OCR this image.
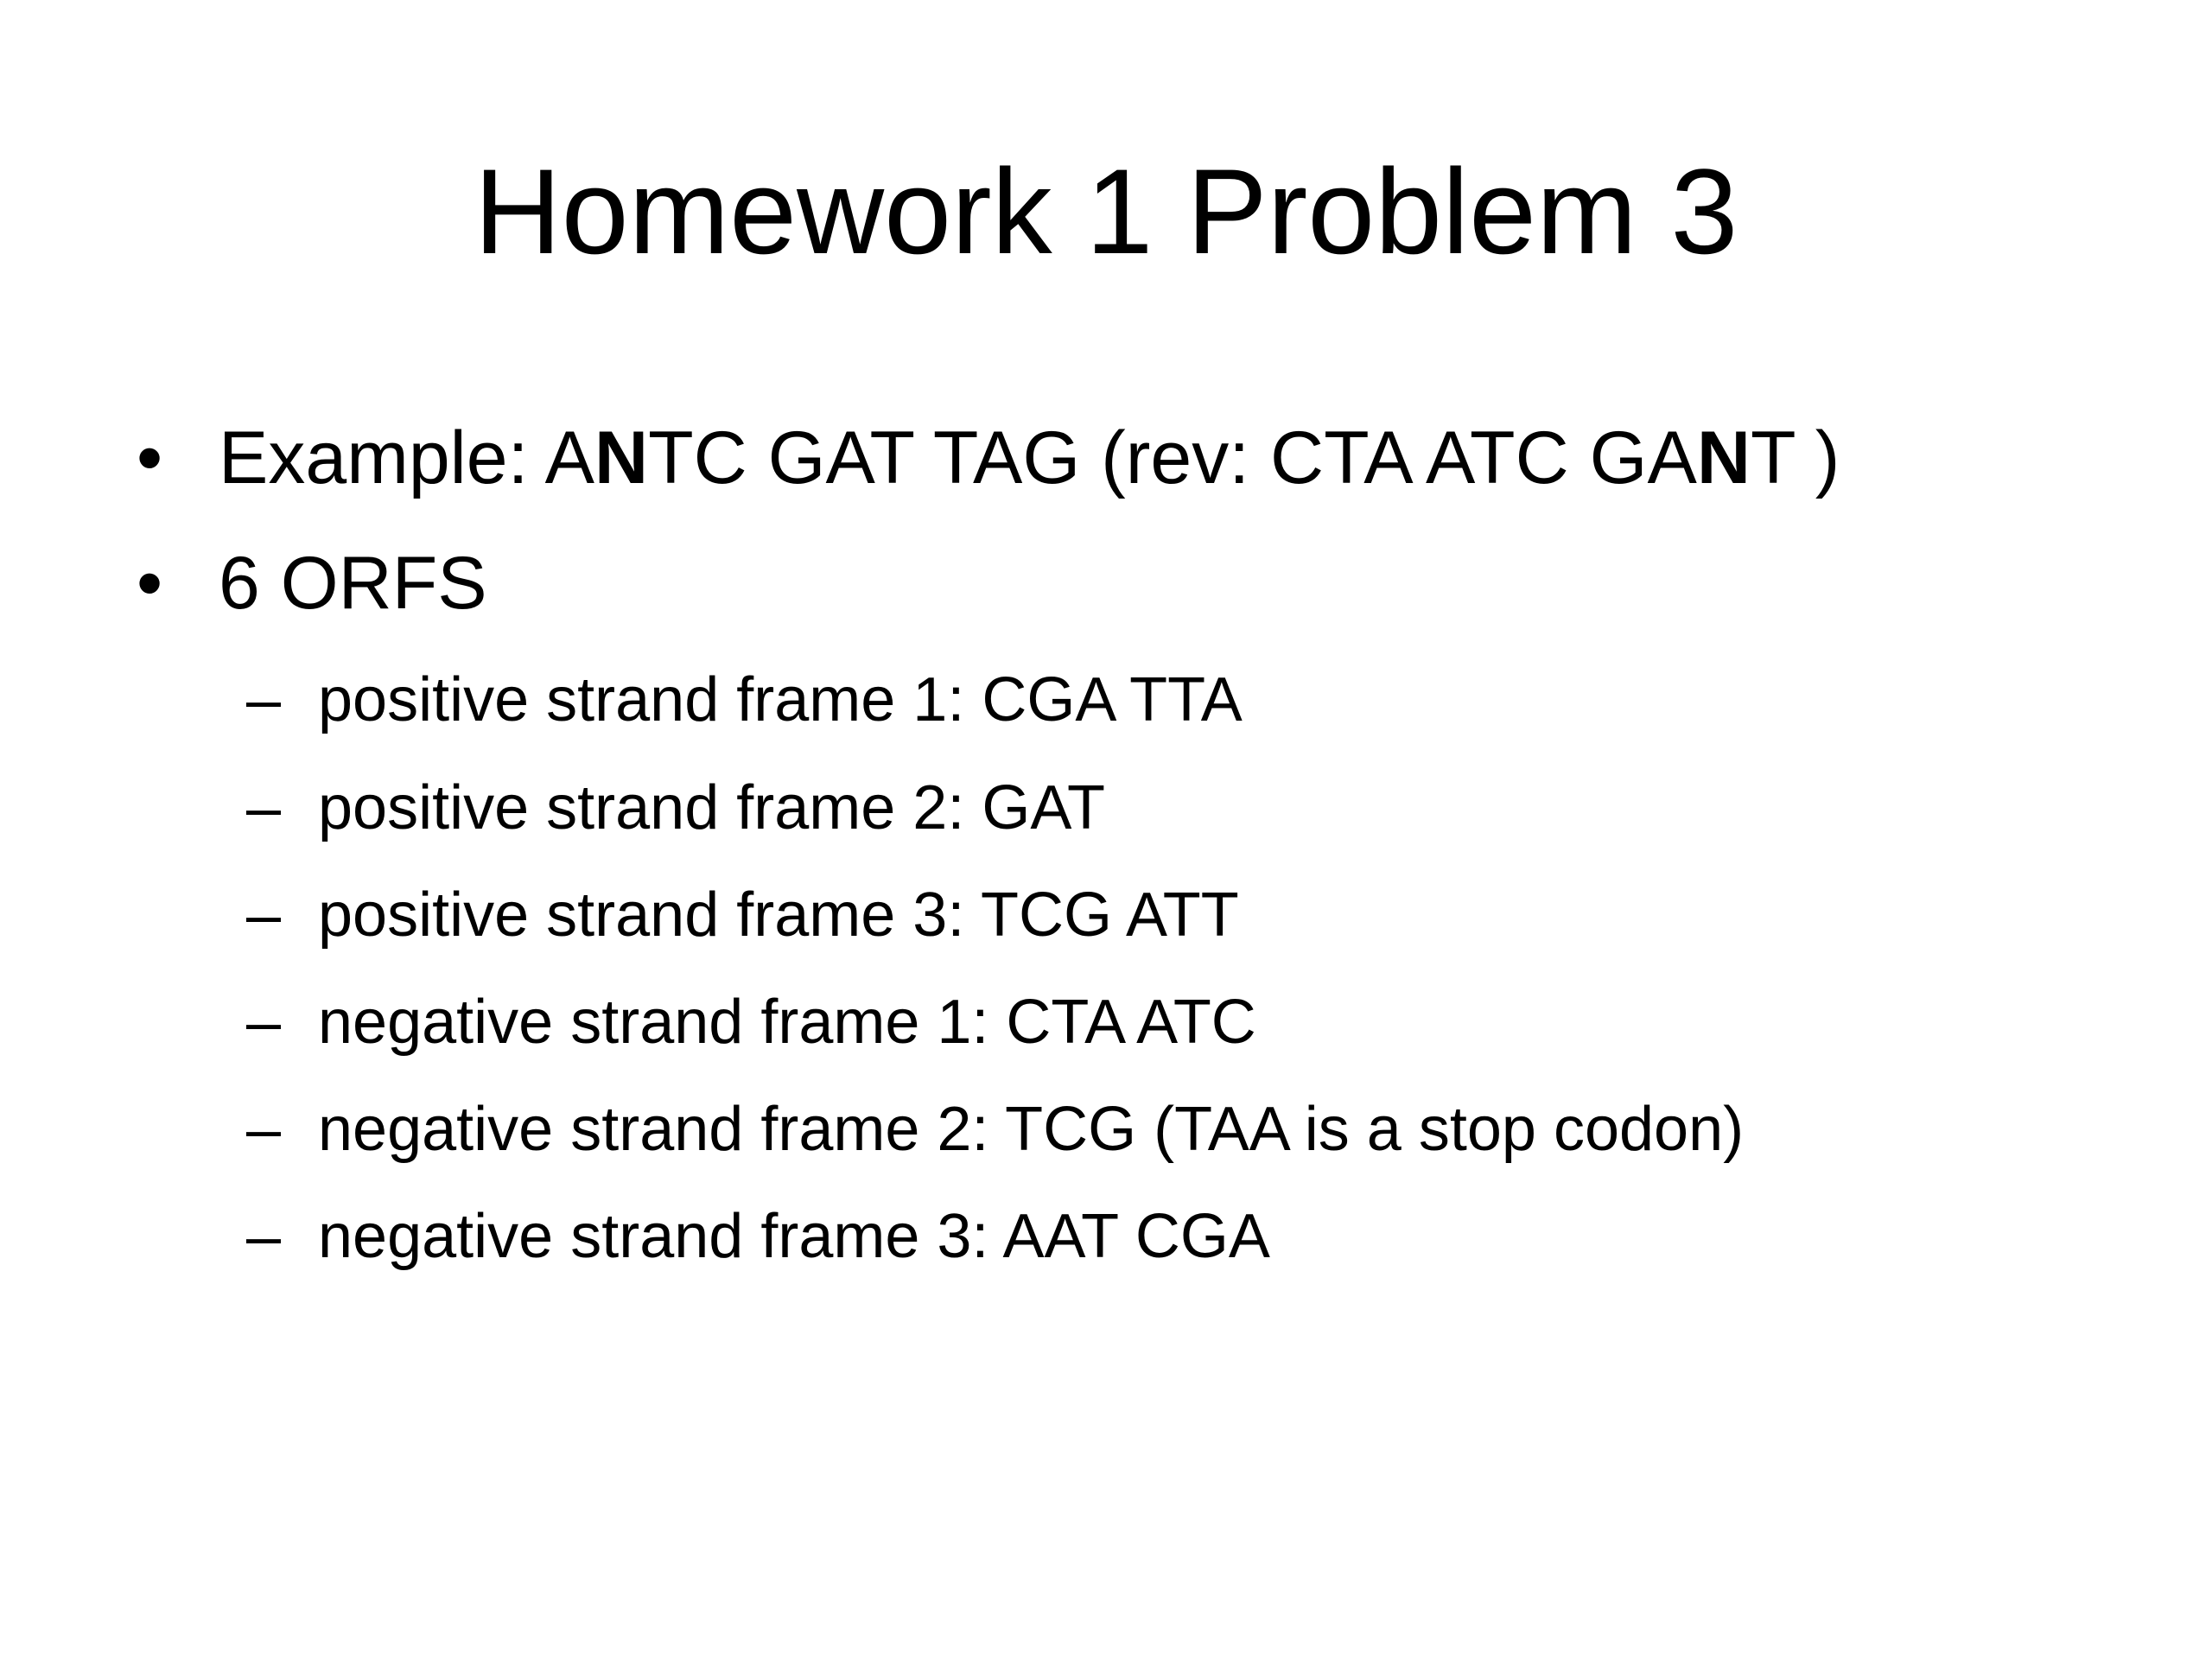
Homework 1 Problem 3
• Example: ANTC GAT TAG (rev: CTA ATC GANT )
• 6 ORFS
– positive strand frame 1: CGA TTA
– positive strand frame 2: GAT
– positive strand frame 3: TCG ATT
– negative strand frame 1: CTA ATC
– negative strand frame 2: TCG (TAA is a stop codon)
– negative strand frame 3: AAT CGA
